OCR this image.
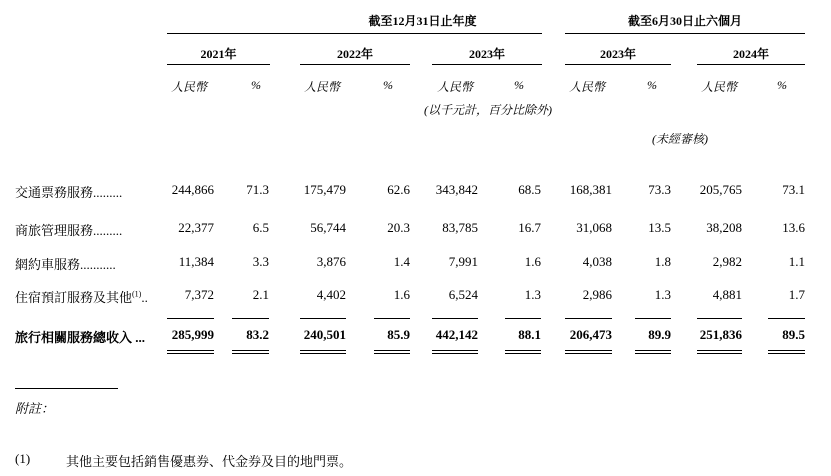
截至12月31日止年度	截至6月30日止六個月
2021年	2022年	2023年	2023年	2024年
人民幣	%	人民幣	%	人民幣	%	人民幣	%	人民幣	%
(以千元計，百分比除外)
(未經審核)
交通票務服務.........	244,866	71.3	175,479	62.6	343,842	68.5	168,381	73.3	205,765	73.1
商旅管理服務.........	22,377	6.5	56,744	20.3	83,785	16.7	31,068	13.5	38,208	13.6
網約車服務...........	11,384	3.3	3,876	1.4	7,991	1.6	4,038	1.8	2,982	1.1
住宿預訂服務及其他$^{(1)}$..	7,372	2.1	4,402	1.6	6,524	1.3	2,986	1.3	4,881	1.7
旅行相關服務總收入 ...	285,999	83.2	240,501	85.9	442,142	88.1	206,473	89.9	251,836	89.5
附註：
(1)	其他主要包括銷售優惠券、代金券及目的地門票。
